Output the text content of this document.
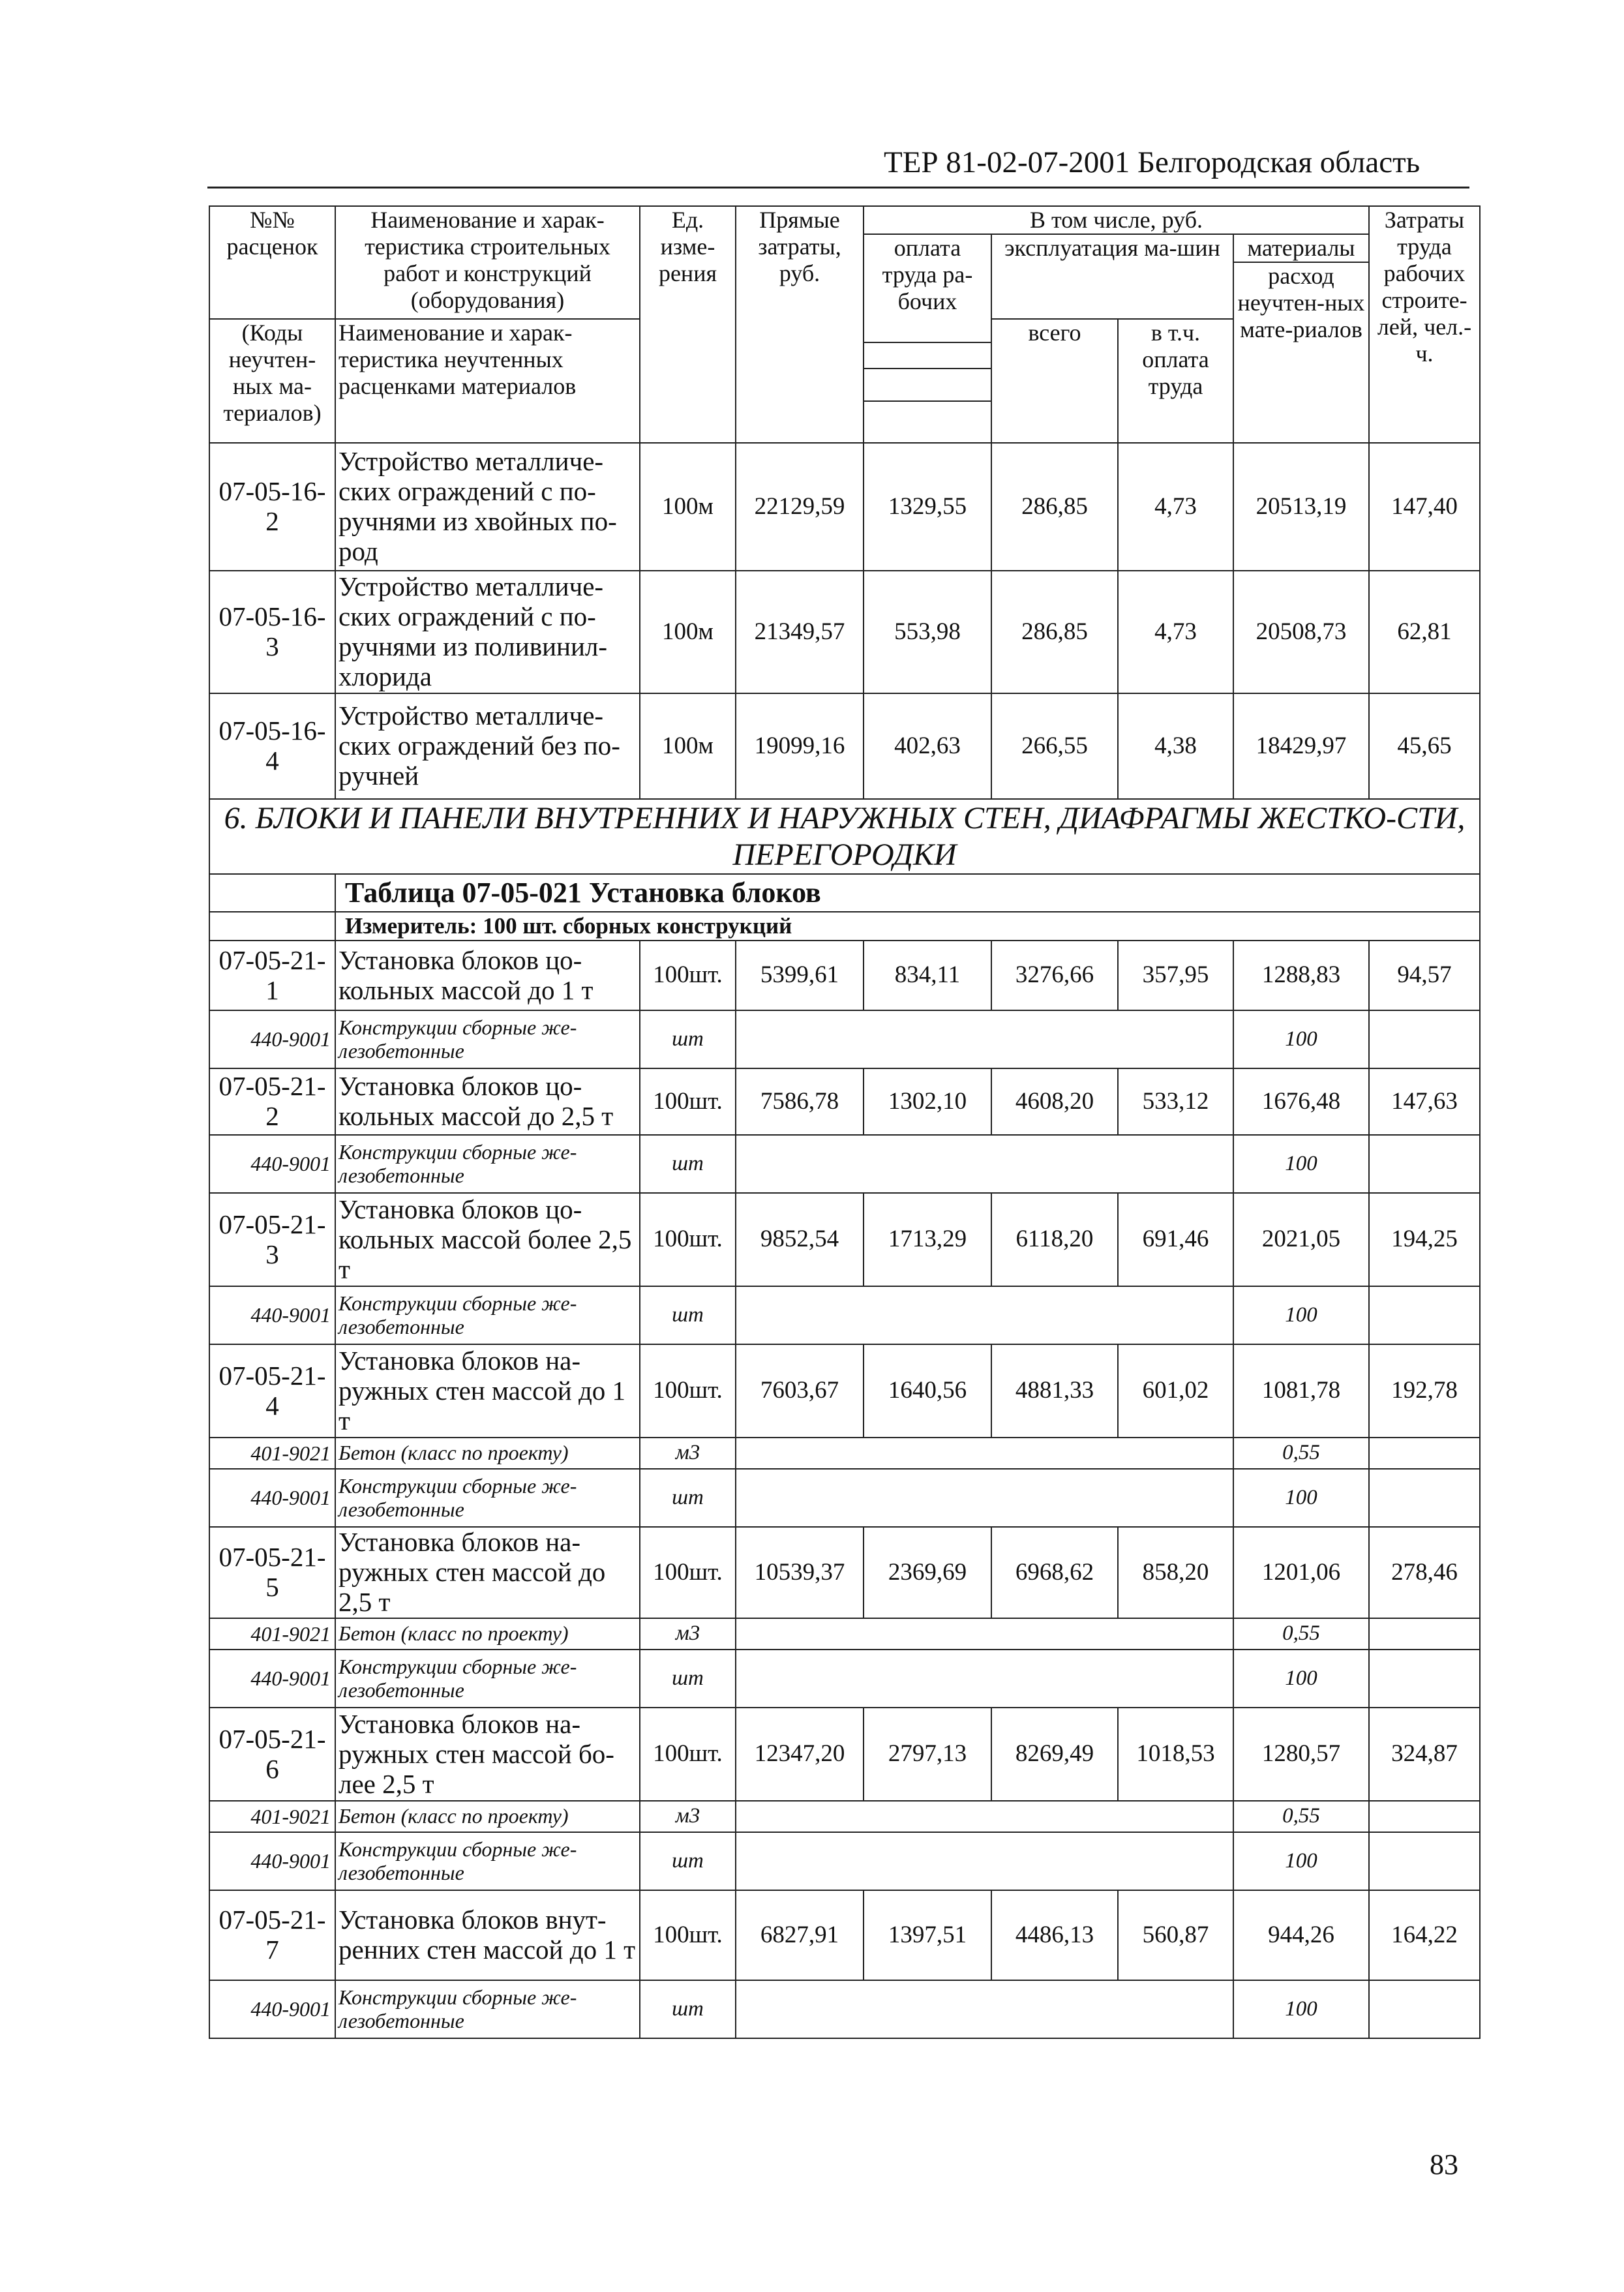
ТЕР 81-02-07-2001 Белгородская область
№№ расценок	Наименование и харак-теристика строительных работ и конструкций (оборудования)	Ед. изме-рения	Прямые затраты, руб.	В том числе, руб.				Затраты труда рабочих строите-лей, чел.-ч.
				оплата труда ра-бочих	эксплуатация ма-шин		материалы	
							расход неучтен-ных мате-риалов	
(Коды неучтен-ных ма-териалов)	Наименование и харак-теристика неучтенных расценками материалов				всего	в т.ч. оплата труда		

07-05-16-2	Устройство металличе-ских ограждений с по-ручнями из хвойных по-род	100м	22129,59	1329,55	286,85	4,73	20513,19	147,40
07-05-16-3	Устройство металличе-ских ограждений с по-ручнями из поливинил-хлорида	100м	21349,57	553,98	286,85	4,73	20508,73	62,81
07-05-16-4	Устройство металличе-ских ограждений без по-ручней	100м	19099,16	402,63	266,55	4,38	18429,97	45,65
6. БЛОКИ И ПАНЕЛИ ВНУТРЕННИХ И НАРУЖНЫХ СТЕН, ДИАФРАГМЫ ЖЕСТКО-СТИ, ПЕРЕГОРОДКИ								
	Таблица 07-05-021 Установка блоков							
	Измеритель: 100 шт. сборных конструкций							
07-05-21-1	Установка блоков цо-кольных массой до 1 т	100шт.	5399,61	834,11	3276,66	357,95	1288,83	94,57
440-9001	Конструкции сборные же-лезобетонные	шт					100	
07-05-21-2	Установка блоков цо-кольных массой до 2,5 т	100шт.	7586,78	1302,10	4608,20	533,12	1676,48	147,63
440-9001	Конструкции сборные же-лезобетонные	шт					100	
07-05-21-3	Установка блоков цо-кольных массой более 2,5 т	100шт.	9852,54	1713,29	6118,20	691,46	2021,05	194,25
440-9001	Конструкции сборные же-лезобетонные	шт					100	
07-05-21-4	Установка блоков на-ружных стен массой до 1 т	100шт.	7603,67	1640,56	4881,33	601,02	1081,78	192,78
401-9021	Бетон (класс по проекту)	м3					0,55	
440-9001	Конструкции сборные же-лезобетонные	шт					100	
07-05-21-5	Установка блоков на-ружных стен массой до 2,5 т	100шт.	10539,37	2369,69	6968,62	858,20	1201,06	278,46
401-9021	Бетон (класс по проекту)	м3					0,55	
440-9001	Конструкции сборные же-лезобетонные	шт					100	
07-05-21-6	Установка блоков на-ружных стен массой бо-лее 2,5 т	100шт.	12347,20	2797,13	8269,49	1018,53	1280,57	324,87
401-9021	Бетон (класс по проекту)	м3					0,55	
440-9001	Конструкции сборные же-лезобетонные	шт					100	
07-05-21-7	Установка блоков внут-ренних стен массой до 1 т	100шт.	6827,91	1397,51	4486,13	560,87	944,26	164,22
440-9001	Конструкции сборные же-лезобетонные	шт					100	
83
